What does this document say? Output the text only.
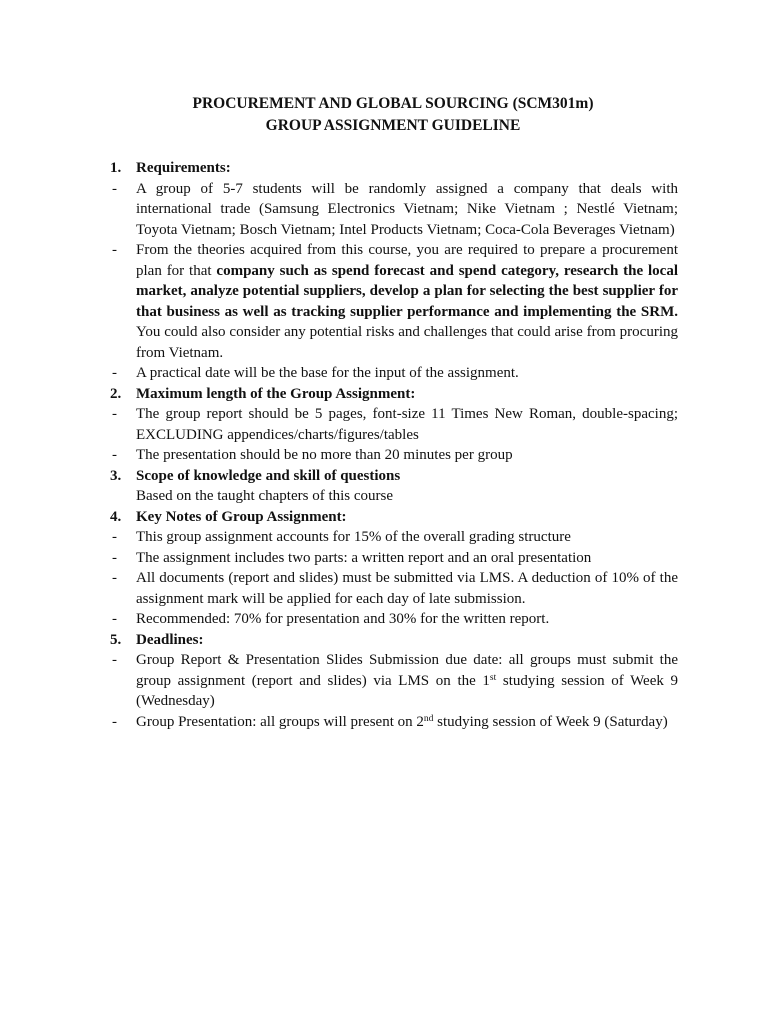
PROCUREMENT AND GLOBAL SOURCING (SCM301m)

GROUP ASSIGNMENT GUIDELINE

1. Requirements:

- A group of 5-7 students will be randomly assigned a company that deals with international trade (Samsung Electronics Vietnam; Nike Vietnam ; Nestlé Vietnam; Toyota Vietnam; Bosch Vietnam; Intel Products Vietnam; Coca-Cola Beverages Vietnam)

- From the theories acquired from this course, you are required to prepare a procurement plan for that company such as spend forecast and spend category, research the local market, analyze potential suppliers, develop a plan for selecting the best supplier for that business as well as tracking supplier performance and implementing the SRM. You could also consider any potential risks and challenges that could arise from procuring from Vietnam.

- A practical date will be the base for the input of the assignment.

2. Maximum length of the Group Assignment:

- The group report should be 5 pages, font-size 11 Times New Roman, double-spacing; EXCLUDING appendices/charts/figures/tables

- The presentation should be no more than 20 minutes per group

3. Scope of knowledge and skill of questions

Based on the taught chapters of this course

4. Key Notes of Group Assignment:

- This group assignment accounts for 15% of the overall grading structure

- The assignment includes two parts: a written report and an oral presentation

- All documents (report and slides) must be submitted via LMS. A deduction of 10% of the assignment mark will be applied for each day of late submission.

- Recommended: 70% for presentation and 30% for the written report.

5. Deadlines:

- Group Report & Presentation Slides Submission due date: all groups must submit the group assignment (report and slides) via LMS on the 1st studying session of Week 9 (Wednesday)

- Group Presentation: all groups will present on 2nd studying session of Week 9 (Saturday)
